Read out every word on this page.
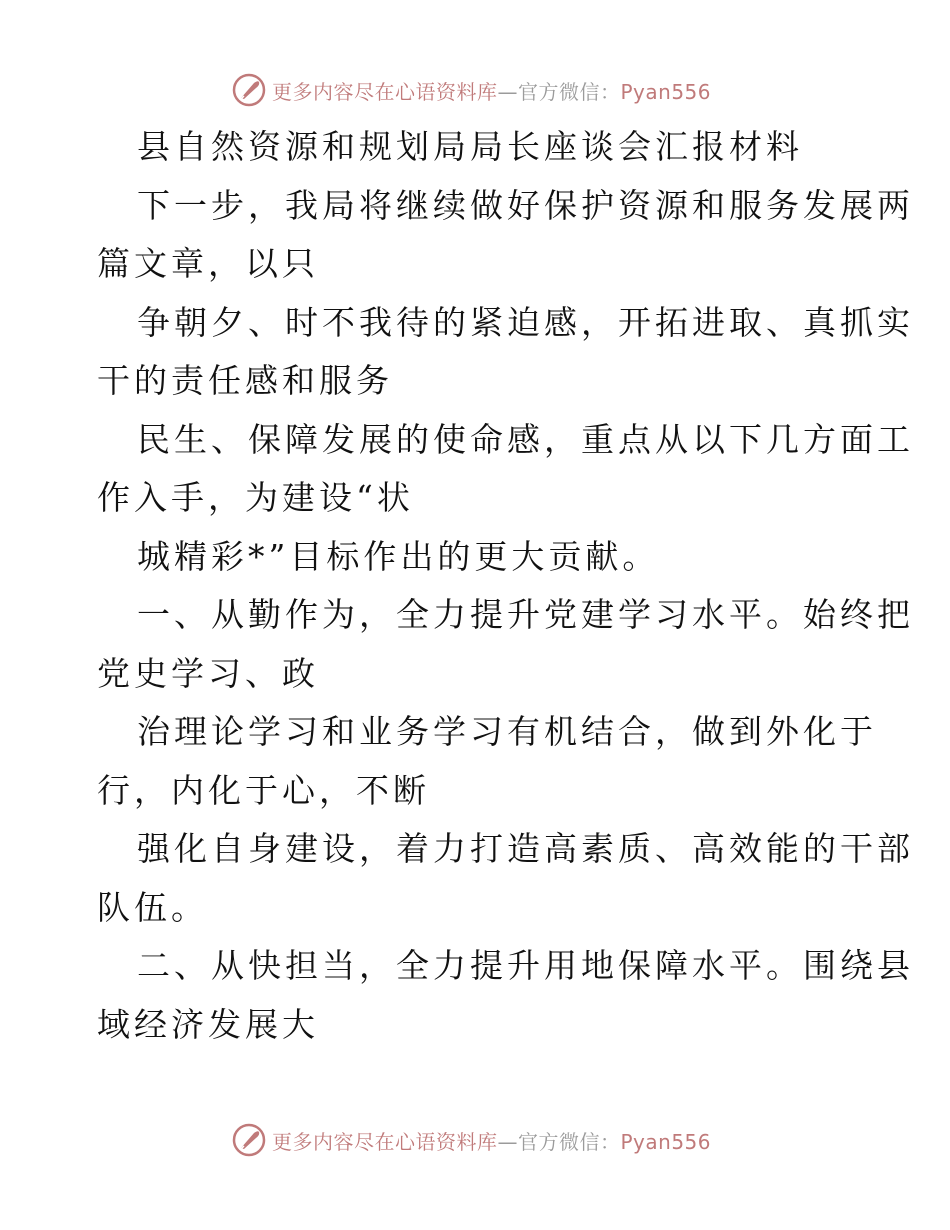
更多内容尽在心语资料库—官方微信：Pyan556
县自然资源和规划局局长座谈会汇报材料
下一步，我局将继续做好保护资源和服务发展两
篇文章，以只
争朝夕、时不我待的紧迫感，开拓进取、真抓实
干的责任感和服务
民生、保障发展的使命感，重点从以下几方面工
作入手，为建设“状
城精彩*”目标作出的更大贡献。
一、从勤作为，全力提升党建学习水平。始终把
党史学习、政
治理论学习和业务学习有机结合，做到外化于
行，内化于心，不断
强化自身建设，着力打造高素质、高效能的干部
队伍。
二、从快担当，全力提升用地保障水平。围绕县
域经济发展大
更多内容尽在心语资料库—官方微信：Pyan556
